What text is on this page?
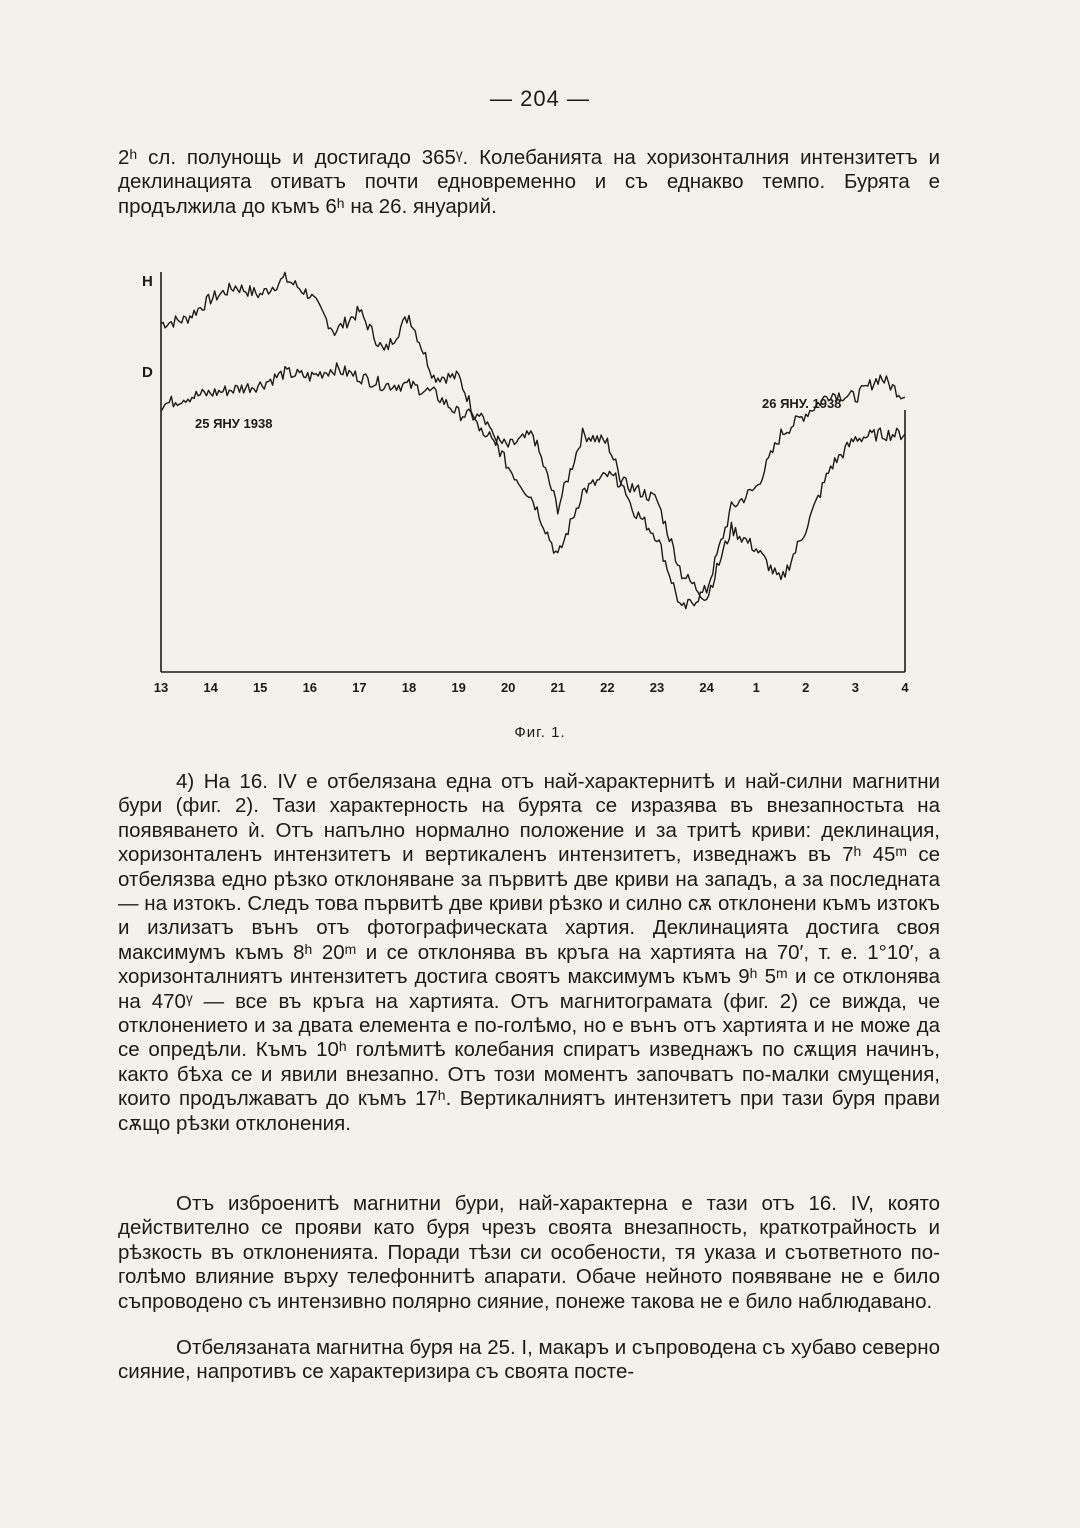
— 204 —

2ʰ сл. полунощь и достигадо 365ᵞ. Колебанията на хоризонталния интензитетъ и деклинацията отиватъ почти едновременно и съ еднакво темпо. Бурята е продължила до къмъ 6ʰ на 26. януарий.

H
D
25 ЯНУ 1938
26 ЯНУ. 1938
13	14	15	16	17	18	19	20	21	22	23	24	1	2	3	4
Фиг. 1.

4) На 16. IV е отбелязана една отъ най-характернитѣ и най-силни магнитни бури (фиг. 2). Тази характерность на бурята се изразява въ внезапностьта на появяването ѝ. Отъ напълно нормално положение и за тритѣ криви: деклинация, хоризонталенъ интензитетъ и вертикаленъ интензитетъ, изведнажъ въ 7ʰ 45ᵐ се отбелязва едно рѣзко отклоняване за първитѣ две криви на западъ, а за последната — на изтокъ. Следъ това първитѣ две криви рѣзко и силно сѫ отклонени къмъ изтокъ и излизатъ вънъ отъ фотографическата хартия. Деклинацията достига своя максимумъ къмъ 8ʰ 20ᵐ и се отклонява въ кръга на хартията на 70′, т. е. 1°10′, а хоризонталниятъ интензитетъ достига своятъ максимумъ къмъ 9ʰ 5ᵐ и се отклонява на 470ᵞ — все въ кръга на хартията. Отъ магнитограмата (фиг. 2) се вижда, че отклонението и за двата елемента е по-голѣмо, но е вънъ отъ хартията и не може да се опредѣли. Къмъ 10ʰ голѣмитѣ колебания спиратъ изведнажъ по сѫщия начинъ, както бѣха се и явили внезапно. Отъ този моментъ започватъ по-малки смущения, които продължаватъ до къмъ 17ʰ. Вертикалниятъ интензитетъ при тази буря прави сѫщо рѣзки отклонения.

Отъ изброенитѣ магнитни бури, най-характерна е тази отъ 16. IV, която действително се прояви като буря чрезъ своята внезапность, краткотрайность и рѣзкость въ отклоненията. Поради тѣзи си особености, тя указа и съответното по-голѣмо влияние върху телефоннитѣ апарати. Обаче нейното появяване не е било съпроводено съ интензивно полярно сияние, понеже такова не е било наблюдавано.

Отбелязаната магнитна буря на 25. I, макаръ и съпроводена съ хубаво северно сияние, напротивъ се характеризира съ своята посте-
